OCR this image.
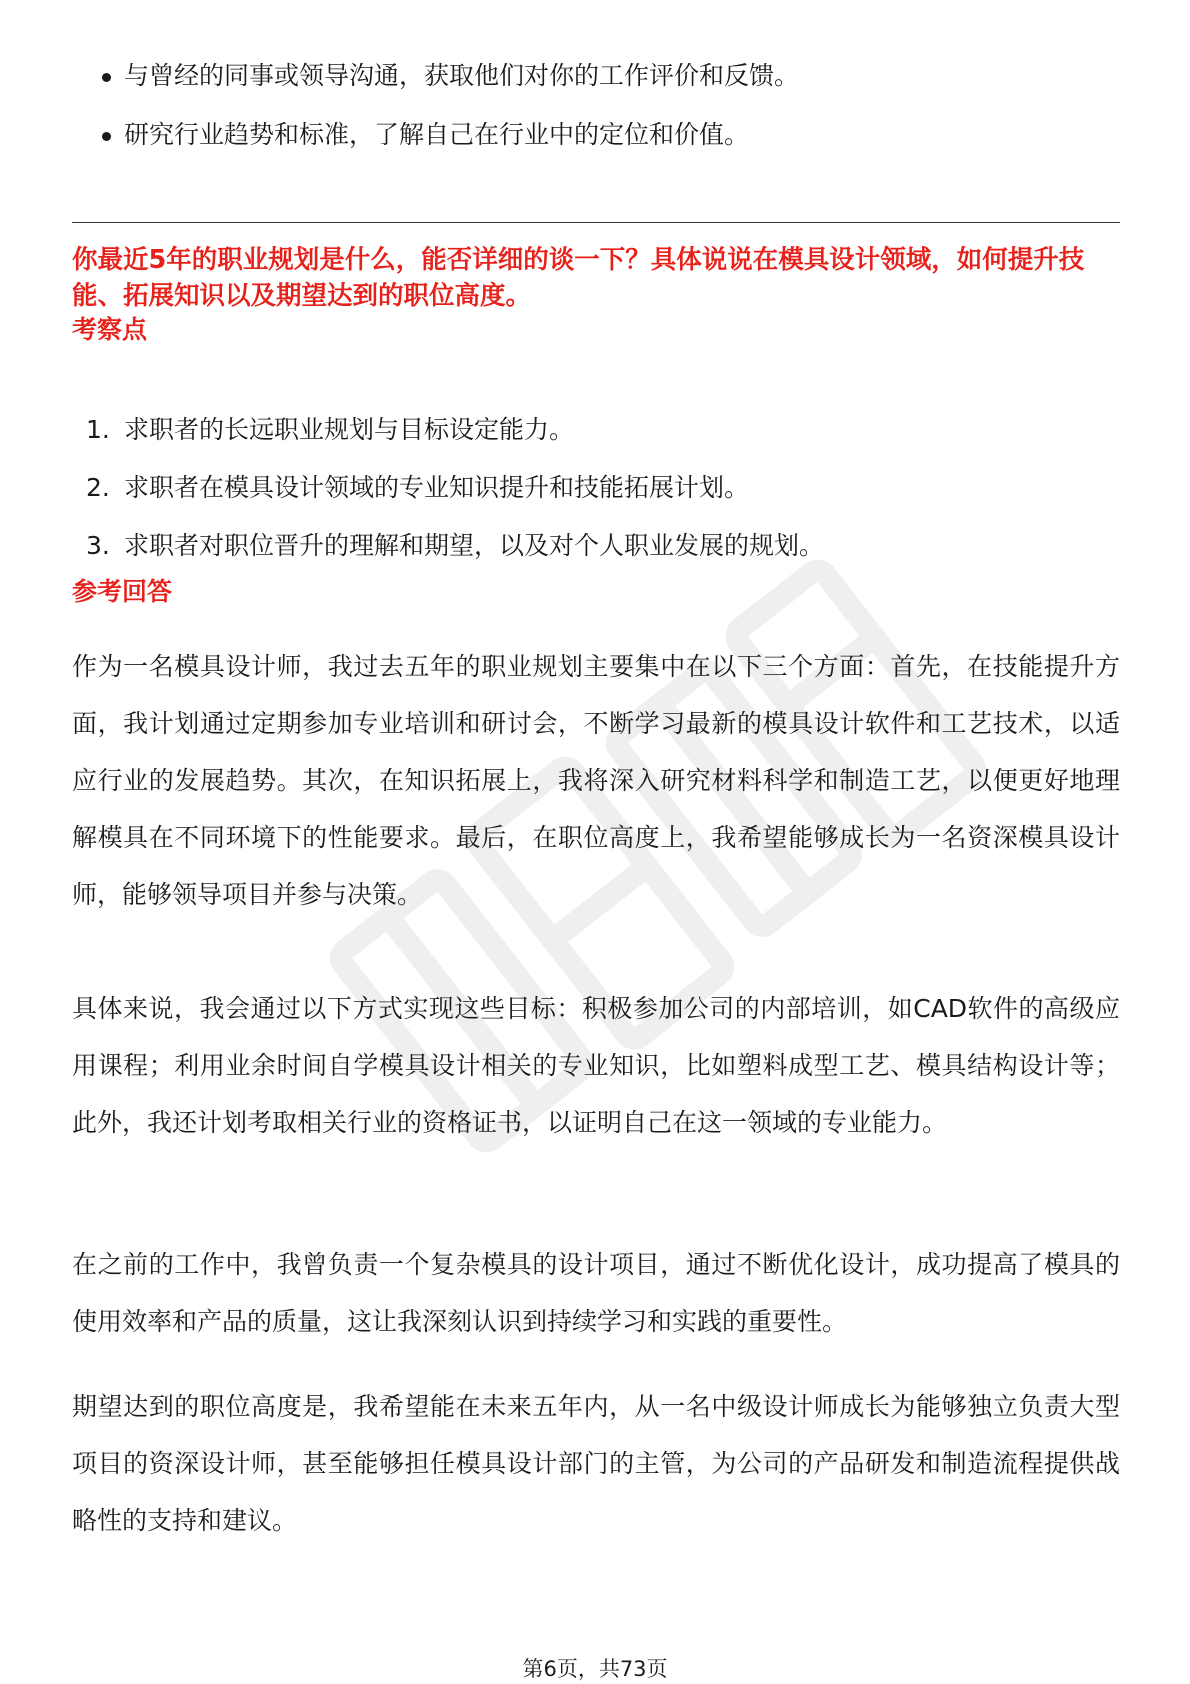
与曾经的同事或领导沟通，获取他们对你的工作评价和反馈。
研究行业趋势和标准，了解自己在行业中的定位和价值。

你最近5年的职业规划是什么，能否详细的谈一下？具体说说在模具设计领域，如何提升技能、拓展知识以及期望达到的职位高度。

考察点
1. 求职者的长远职业规划与目标设定能力。
2. 求职者在模具设计领域的专业知识提升和技能拓展计划。
3. 求职者对职位晋升的理解和期望，以及对个人职业发展的规划。
参考回答

作为一名模具设计师，我过去五年的职业规划主要集中在以下三个方面：首先，在技能提升方面，我计划通过定期参加专业培训和研讨会，不断学习最新的模具设计软件和工艺技术，以适应行业的发展趋势。其次，在知识拓展上，我将深入研究材料科学和制造工艺，以便更好地理解模具在不同环境下的性能要求。最后，在职位高度上，我希望能够成长为一名资深模具设计师，能够领导项目并参与决策。

具体来说，我会通过以下方式实现这些目标：积极参加公司的内部培训，如CAD软件的高级应用课程；利用业余时间自学模具设计相关的专业知识，比如塑料成型工艺、模具结构设计等；此外，我还计划考取相关行业的资格证书，以证明自己在这一领域的专业能力。

在之前的工作中，我曾负责一个复杂模具的设计项目，通过不断优化设计，成功提高了模具的使用效率和产品的质量，这让我深刻认识到持续学习和实践的重要性。

期望达到的职位高度是，我希望能在未来五年内，从一名中级设计师成长为能够独立负责大型项目的资深设计师，甚至能够担任模具设计部门的主管，为公司的产品研发和制造流程提供战略性的支持和建议。

第6页，共73页
